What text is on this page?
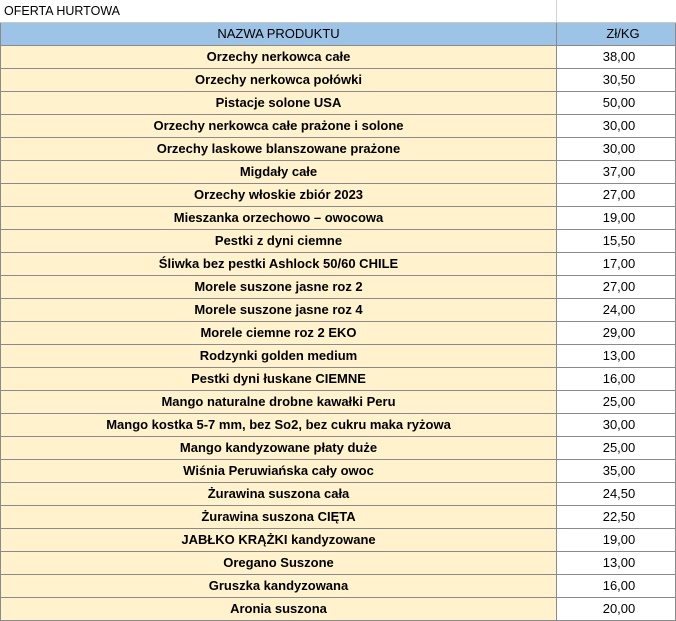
OFERTA HURTOWA
NAZWA PRODUKTU	Zł/KG
Orzechy nerkowca całe	38,00
Orzechy nerkowca połówki	30,50
Pistacje solone USA	50,00
Orzechy nerkowca całe prażone i solone	30,00
Orzechy laskowe blanszowane prażone	30,00
Migdały całe	37,00
Orzechy włoskie zbiór 2023	27,00
Mieszanka orzechowo – owocowa	19,00
Pestki z dyni ciemne	15,50
Śliwka bez pestki Ashlock 50/60 CHILE	17,00
Morele suszone jasne roz 2	27,00
Morele suszone jasne roz 4	24,00
Morele ciemne roz 2 EKO	29,00
Rodzynki golden medium	13,00
Pestki dyni łuskane CIEMNE	16,00
Mango naturalne drobne kawałki Peru	25,00
Mango kostka 5-7 mm, bez So2, bez cukru maka ryżowa	30,00
Mango kandyzowane płaty duże	25,00
Wiśnia Peruwiańska cały owoc	35,00
Żurawina suszona cała	24,50
Żurawina suszona CIĘTA	22,50
JABŁKO KRĄŻKI kandyzowane	19,00
Oregano Suszone	13,00
Gruszka kandyzowana	16,00
Aronia suszona	20,00
